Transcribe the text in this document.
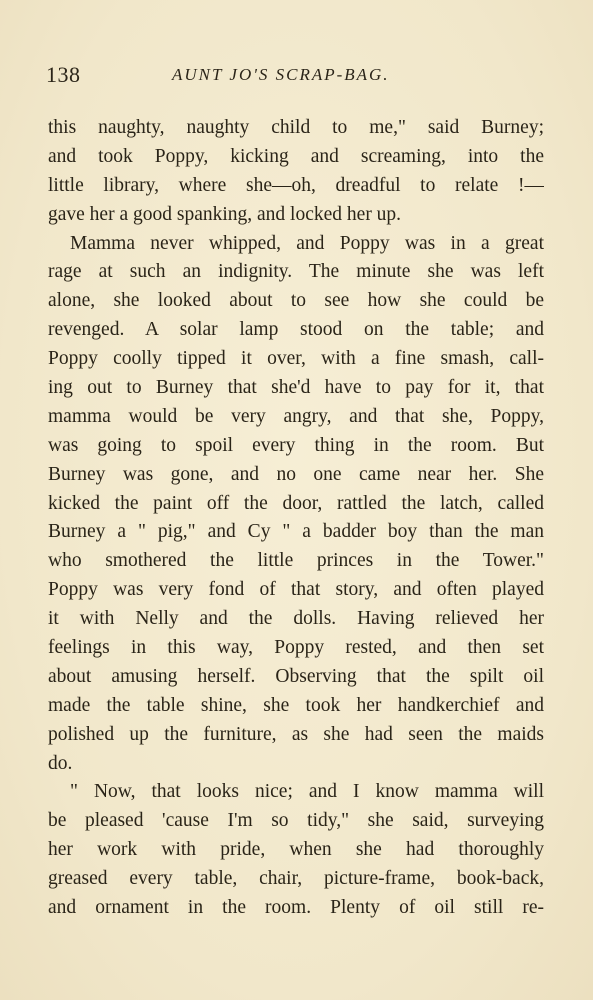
138	AUNT JO'S SCRAP-BAG.
this naughty, naughty child to me," said Burney;
and took Poppy, kicking and screaming, into the
little library, where she—oh, dreadful to relate !—
gave her a good spanking, and locked her up.
Mamma never whipped, and Poppy was in a great
rage at such an indignity. The minute she was left
alone, she looked about to see how she could be
revenged. A solar lamp stood on the table; and
Poppy coolly tipped it over, with a fine smash, call-
ing out to Burney that she'd have to pay for it, that
mamma would be very angry, and that she, Poppy,
was going to spoil every thing in the room. But
Burney was gone, and no one came near her. She
kicked the paint off the door, rattled the latch, called
Burney a " pig," and Cy " a badder boy than the man
who smothered the little princes in the Tower."
Poppy was very fond of that story, and often played
it with Nelly and the dolls. Having relieved her
feelings in this way, Poppy rested, and then set
about amusing herself. Observing that the spilt oil
made the table shine, she took her handkerchief and
polished up the furniture, as she had seen the maids
do.
" Now, that looks nice; and I know mamma will
be pleased 'cause I'm so tidy," she said, surveying
her work with pride, when she had thoroughly
greased every table, chair, picture-frame, book-back,
and ornament in the room. Plenty of oil still re-
